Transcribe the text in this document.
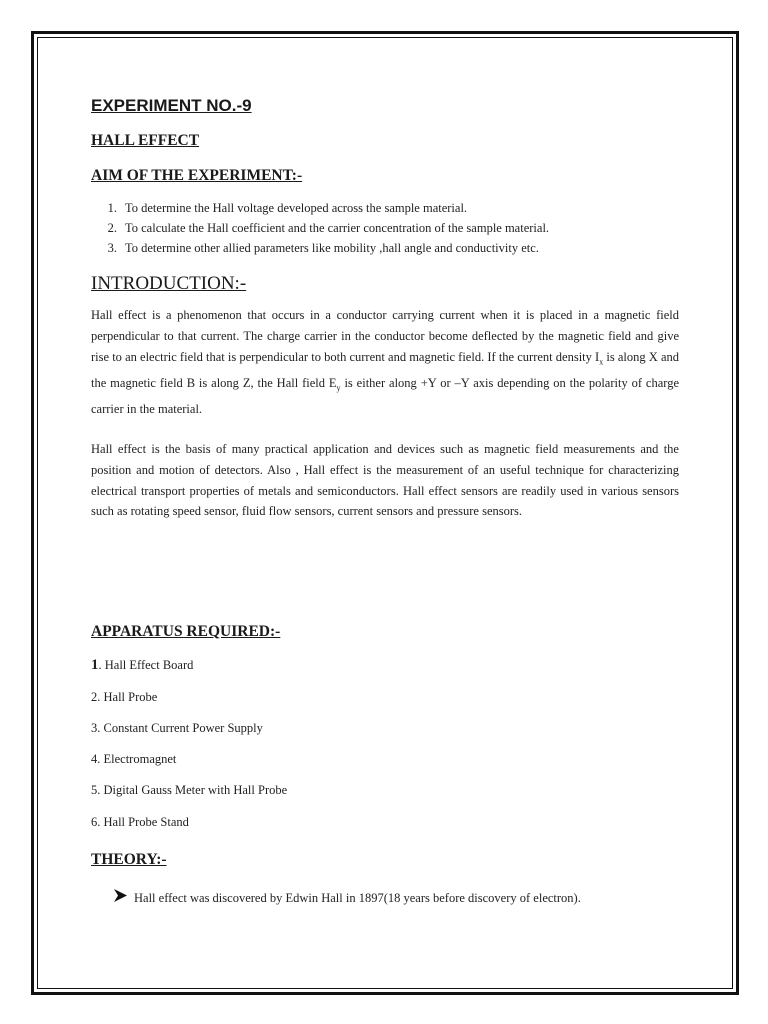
EXPERIMENT NO.-9
HALL EFFECT
AIM OF THE EXPERIMENT:-
1. To determine the Hall voltage developed across the sample material.
2. To calculate the Hall coefficient and the carrier concentration of the sample material.
3. To determine other allied parameters like mobility ,hall angle and conductivity etc.
INTRODUCTION:-

Hall effect is a phenomenon that occurs in a conductor carrying current when it is placed in a magnetic field perpendicular to that current. The charge carrier in the conductor become deflected by the magnetic field and give rise to an electric field that is perpendicular to both current and magnetic field. If the current density $I_x$ is along X and the magnetic field B is along Z, the Hall field $E_y$ is either along +Y or –Y axis depending on the polarity of charge carrier in the material.

Hall effect is the basis of many practical application and devices such as magnetic field measurements and the position and motion of detectors. Also , Hall effect is the measurement of an useful technique for characterizing electrical transport properties of metals and semiconductors. Hall effect sensors are readily used in various sensors such as rotating speed sensor, fluid flow sensors, current sensors and pressure sensors.

APPARATUS REQUIRED:-

1. Hall Effect Board

2. Hall Probe

3. Constant Current Power Supply

4. Electromagnet

5. Digital Gauss Meter with Hall Probe

6. Hall Probe Stand

THEORY:-
Hall effect was discovered by Edwin Hall in 1897(18 years before discovery of electron).
